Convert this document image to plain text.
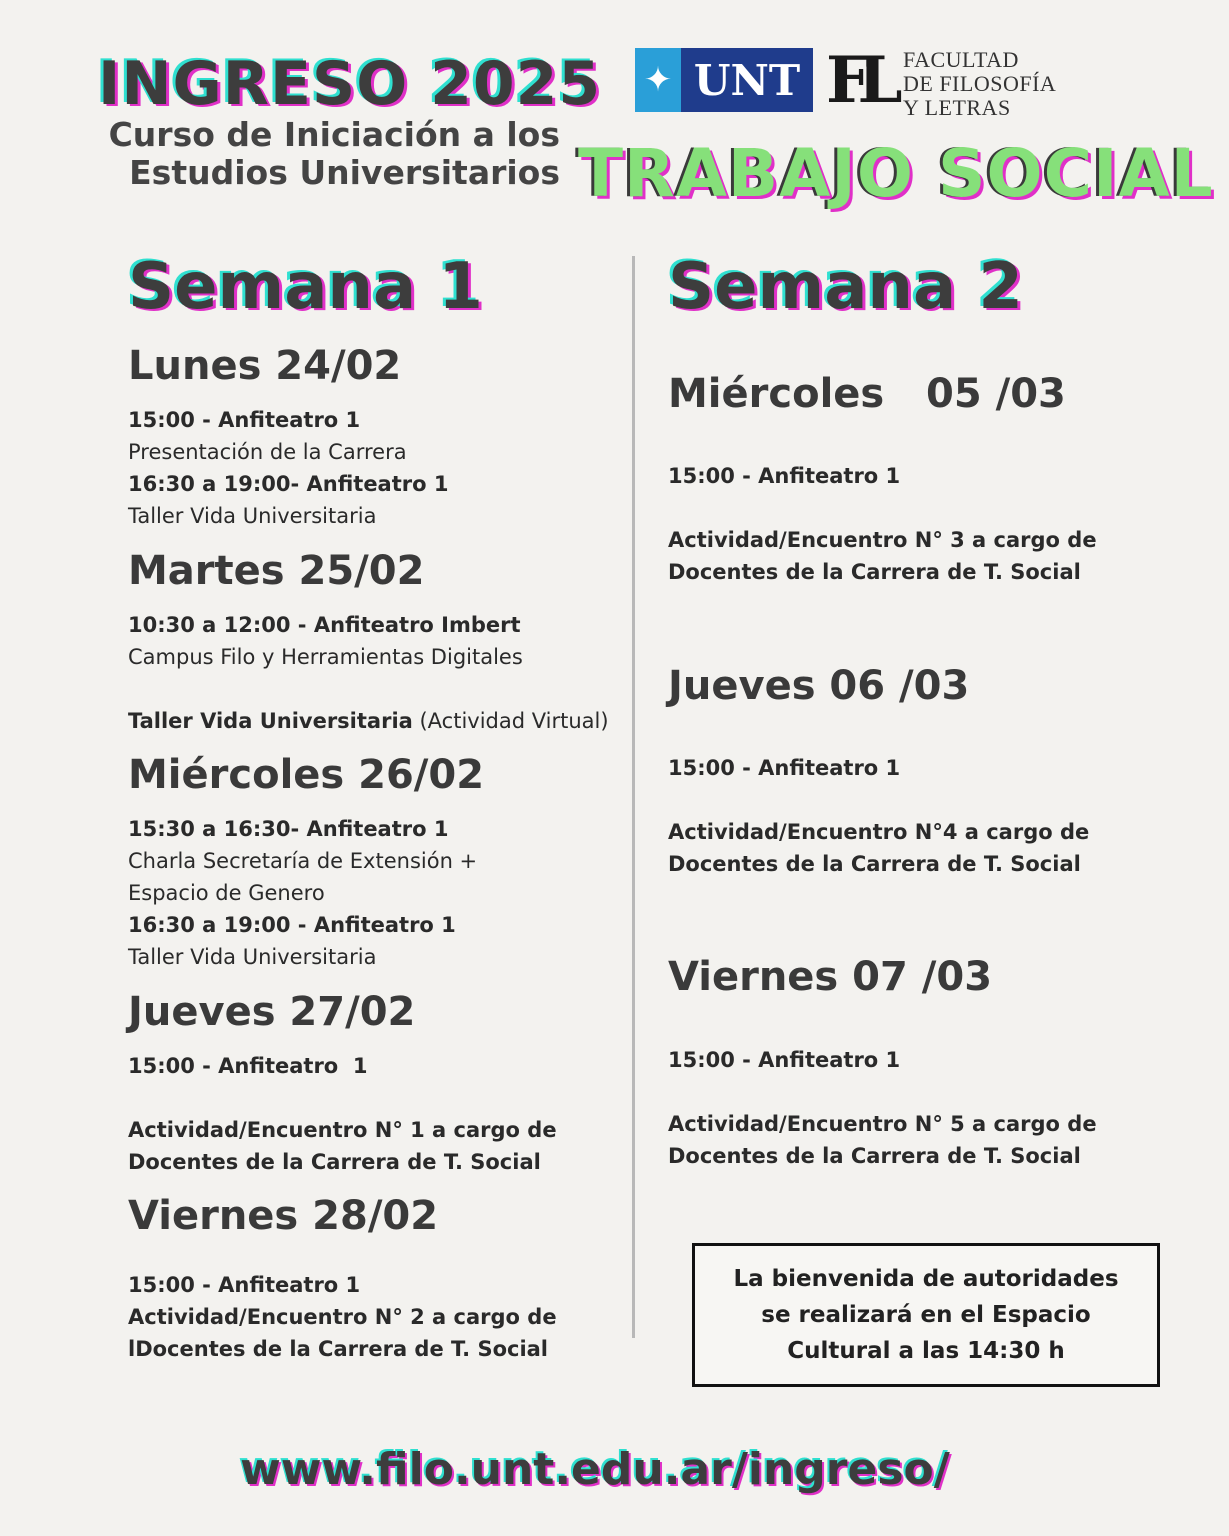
INGRESO 2025
Curso de Iniciación a los
Estudios Universitarios
✦ UNT FL FACULTAD
DE FILOSOFÍA
Y LETRAS
TRABAJO SOCIAL
Semana 1	Semana 2
Lunes 24/02
15:00 - Anfiteatro 1
Presentación de la Carrera
16:30 a 19:00- Anfiteatro 1
Taller Vida Universitaria
Martes 25/02
10:30 a 12:00 - Anfiteatro Imbert
Campus Filo y Herramientas Digitales
Taller Vida Universitaria (Actividad Virtual)
Miércoles 26/02
15:30 a 16:30- Anfiteatro 1
Charla Secretaría de Extensión +
Espacio de Genero
16:30 a 19:00 - Anfiteatro 1
Taller Vida Universitaria
Jueves 27/02
15:00 - Anfiteatro  1
Actividad/Encuentro N° 1 a cargo de
Docentes de la Carrera de T. Social
Viernes 28/02
15:00 - Anfiteatro 1
Actividad/Encuentro N° 2 a cargo de
lDocentes de la Carrera de T. Social
Miércoles   05 /03
15:00 - Anfiteatro 1
Actividad/Encuentro N° 3 a cargo de
Docentes de la Carrera de T. Social
Jueves 06 /03
15:00 - Anfiteatro 1
Actividad/Encuentro N°4 a cargo de
Docentes de la Carrera de T. Social
Viernes 07 /03
15:00 - Anfiteatro 1
Actividad/Encuentro N° 5 a cargo de
Docentes de la Carrera de T. Social
La bienvenida de autoridades
se realizará en el Espacio
Cultural a las 14:30 h
www.filo.unt.edu.ar/ingreso/
